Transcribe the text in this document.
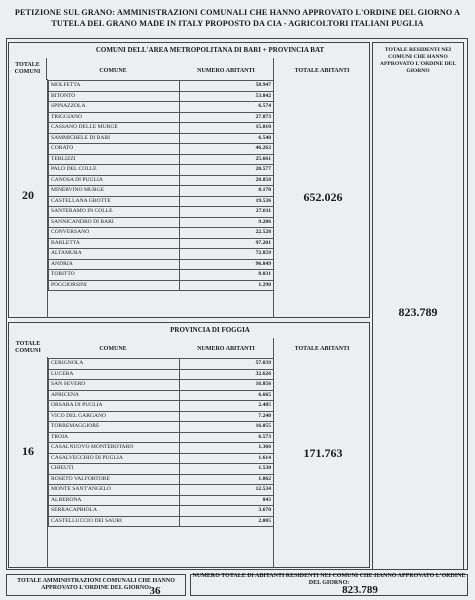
PETIZIONE SUL GRANO: AMMINISTRAZIONI COMUNALI CHE HANNO APPROVATO L'ORDINE DEL GIORNO A
TUTELA DEL GRANO MADE IN ITALY PROPOSTO DA CIA - AGRICOLTORI ITALIANI PUGLIA
TOTALE RESIDENTI NEI COMUNI CHE HANNO APPROVATO L'ORDINE DEL GIORNO
823.789
COMUNI DELL'AREA METROPOLITANA DI BARI + PROVINCIA BAT
TOTALE COMUNI	COMUNE	NUMERO ABITANTI	TOTALE ABITANTI
20	652.026
MOLFETTA	58.947
BITONTO	53.842
SPINAZZOLA	6.574
TRIGGIANO	27.873
CASSANO DELLE MURGE	15.010
SAMMICHELE DI BARI	6.540
CORATO	46.263
TERLIZZI	25.661
PALO DEL COLLE	20.577
CANOSA DI PUGLIA	28.058
MINERVINO MURGE	8.170
CASTELLANA GROTTE	19.536
SANTERAMO IN COLLE	27.011
SANNICANDRO DI BARI	9.206
CONVERSANO	22.528
BARLETTA	97.201
ALTAMURA	72.859
ANDRIA	96.849
TORITTO	8.031
POGGIORSINI	1.290
PROVINCIA DI FOGGIA
TOTALE COMUNI	COMUNE	NUMERO ABITANTI	TOTALE ABITANTI
16	171.763
CERIGNOLA	57.039
LUCERA	32.626
SAN SEVERO	16.856
APRICENA	6.665
ORSARA DI PUGLIA	2.485
VICO DEL GARGANO	7.240
TORREMAGGIORE	16.855
TROIA	6.573
CASALNUOVO MONTEROTARO	1.366
CASALVECCHIO DI PUGLIA	1.614
CHIEUTI	1.530
ROSETO VALFORTORE	1.862
MONTE SANT'ANGELO	12.534
ALBERONA	843
SERRACAPRIOLA	3.670
CASTELLUCCIO DEI SAURI	2.005
TOTALE AMMINISTRAZIONI COMUNALI CHE HANNO APPROVATO L'ORDINE DEL GIORNO:
36
NUMERO TOTALE DI ABITANTI RESIDENTI NEI COMUNI CHE HANNO APPROVATO L'ORDINE DEL GIORNO:
823.789
